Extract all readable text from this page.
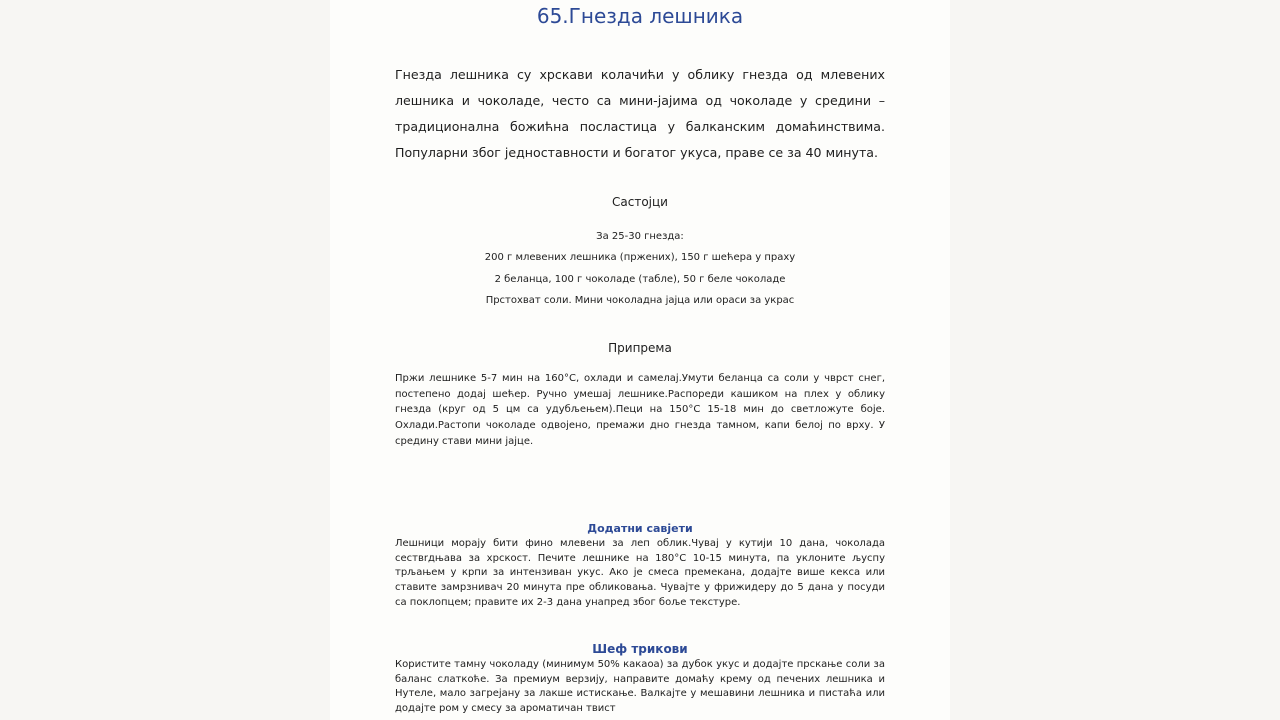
65.Гнезда лешника

Гнезда лешника су хрскави колачићи у облику гнезда од млевених лешника и чоколаде, често са мини-јајима од чоколаде у средини – традиционална божићна посластица у балканским домаћинствима. Популарни због једноставности и богатог укуса, праве се за 40 минута.

Састојци
За 25-30 гнезда:
200 г млевених лешника (пржених), 150 г шећера у праху
2 беланца, 100 г чоколаде (табле), 50 г беле чоколаде
Прстохват соли. Мини чоколадна јајца или ораси за украс
Припрема

Пржи лешнике 5-7 мин на 160°C, охлади и самелај.Умути беланца са соли у чврст снег, постепено додај шећер. Ручно умешај лешнике.Распореди кашиком на плех у облику гнезда (круг од 5 цм са удубљењем).Пеци на 150°C 15-18 мин до светложуте боје. Охлади.Растопи чоколаде одвојено, премажи дно гнезда тамном, капи белој по врху. У средину стави мини јајце.

Додатни савјети

Лешници морају бити фино млевени за леп облик.Чувај у кутији 10 дана, чоколада сествrдњава за хрскост. Печите лешнике на 180°C 10-15 минута, па уклоните љуспу трљањем у крпи за интензиван укус. Ако је смеса премекана, додајте више кекса или ставите замрзнивач 20 минута пре обликовања. Чувајте у фрижидеру до 5 дана у посуди са поклопцем; правите их 2-3 дана унапред због боље текстуре.

Шеф трикови

Користите тамну чоколаду (минимум 50% какаоа) за дубок укус и додајте прскање соли за баланс слаткоће. За премиум верзију, направите домаћу крему од печених лешника и Нутеле, мало загрејану за лакше истискање. Валкајте у мешавини лешника и пистаћа или додајте ром у смесу за ароматичан твист
